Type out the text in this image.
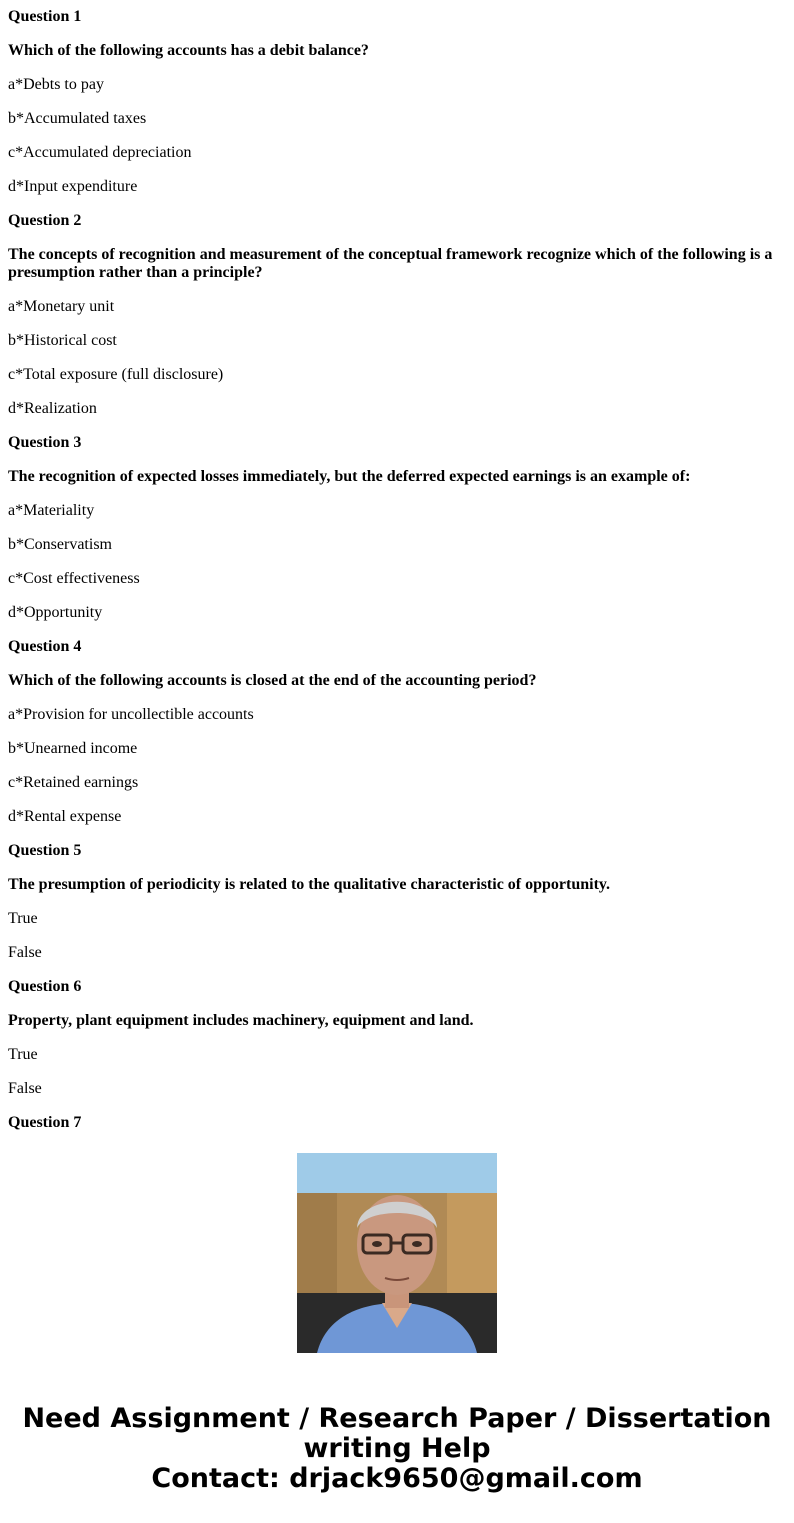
Question 1

Which of the following accounts has a debit balance?

a*Debts to pay

b*Accumulated taxes

c*Accumulated depreciation

d*Input expenditure

Question 2

The concepts of recognition and measurement of the conceptual framework recognize which of the following is a presumption rather than a principle?

a*Monetary unit

b*Historical cost

c*Total exposure (full disclosure)

d*Realization

Question 3

The recognition of expected losses immediately, but the deferred expected earnings is an example of:

a*Materiality

b*Conservatism

c*Cost effectiveness

d*Opportunity

Question 4

Which of the following accounts is closed at the end of the accounting period?

a*Provision for uncollectible accounts

b*Unearned income

c*Retained earnings

d*Rental expense

Question 5

The presumption of periodicity is related to the qualitative characteristic of opportunity.

True

False

Question 6

Property, plant equipment includes machinery, equipment and land.

True

False

Question 7

Need Assignment / Research Paper / Dissertation
writing Help
Contact: drjack9650@gmail.com
